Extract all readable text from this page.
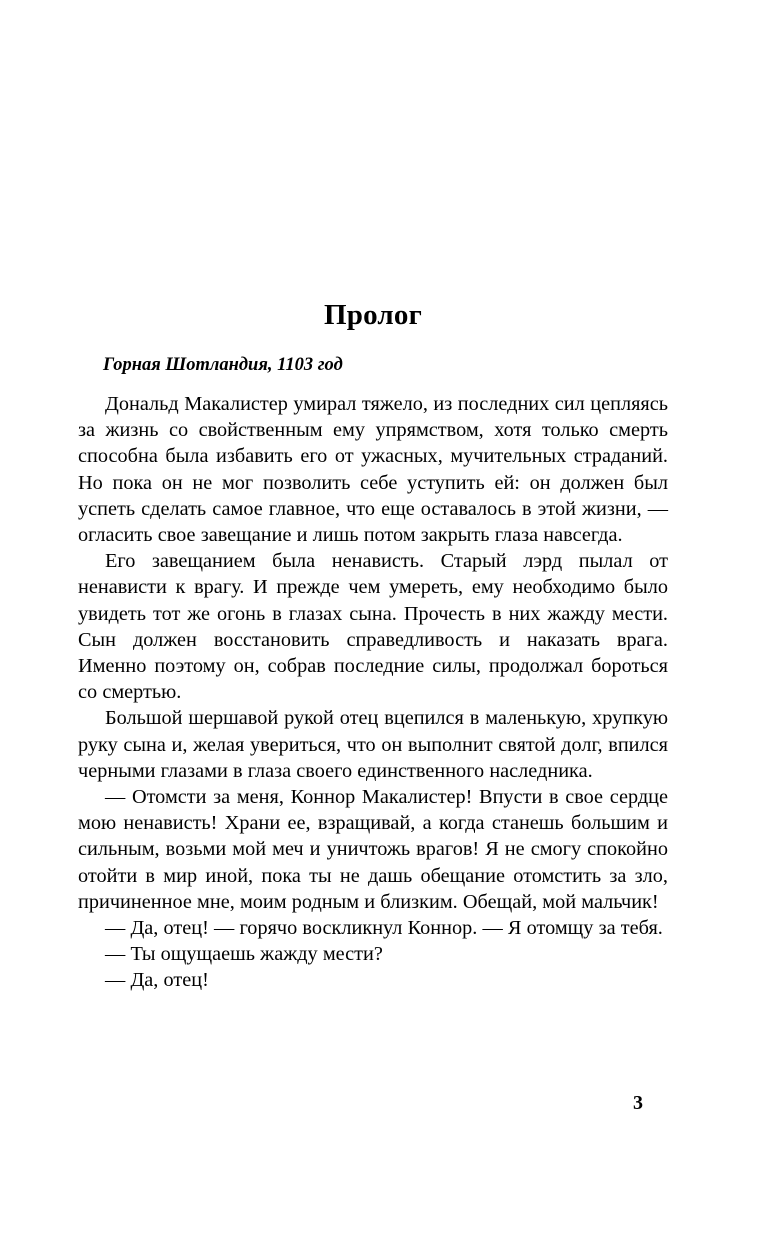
Пролог

Горная Шотландия, 1103 год

Дональд Макалистер умирал тяжело, из последних сил цепляясь за жизнь со свойственным ему упрямством, хотя только смерть способна была избавить его от ужасных, мучительных страданий. Но пока он не мог позволить себе уступить ей: он должен был успеть сделать самое главное, что еще оставалось в этой жизни, — огласить свое завещание и лишь потом закрыть глаза навсегда.

Его завещанием была ненависть. Старый лэрд пылал от ненависти к врагу. И прежде чем умереть, ему необходимо было увидеть тот же огонь в глазах сына. Прочесть в них жажду мести. Сын должен восстановить справедливость и наказать врага. Именно поэтому он, собрав последние силы, продолжал бороться со смертью.

Большой шершавой рукой отец вцепился в маленькую, хрупкую руку сына и, желая увериться, что он выполнит святой долг, впился черными глазами в глаза своего единственного наследника.

— Отомсти за меня, Коннор Макалистер! Впусти в свое сердце мою ненависть! Храни ее, взращивай, а когда станешь большим и сильным, возьми мой меч и уничтожь врагов! Я не смогу спокойно отойти в мир иной, пока ты не дашь обещание отомстить за зло, причиненное мне, моим родным и близким. Обещай, мой мальчик!

— Да, отец! — горячо воскликнул Коннор. — Я отомщу за тебя.

— Ты ощущаешь жажду мести?

— Да, отец!

3
